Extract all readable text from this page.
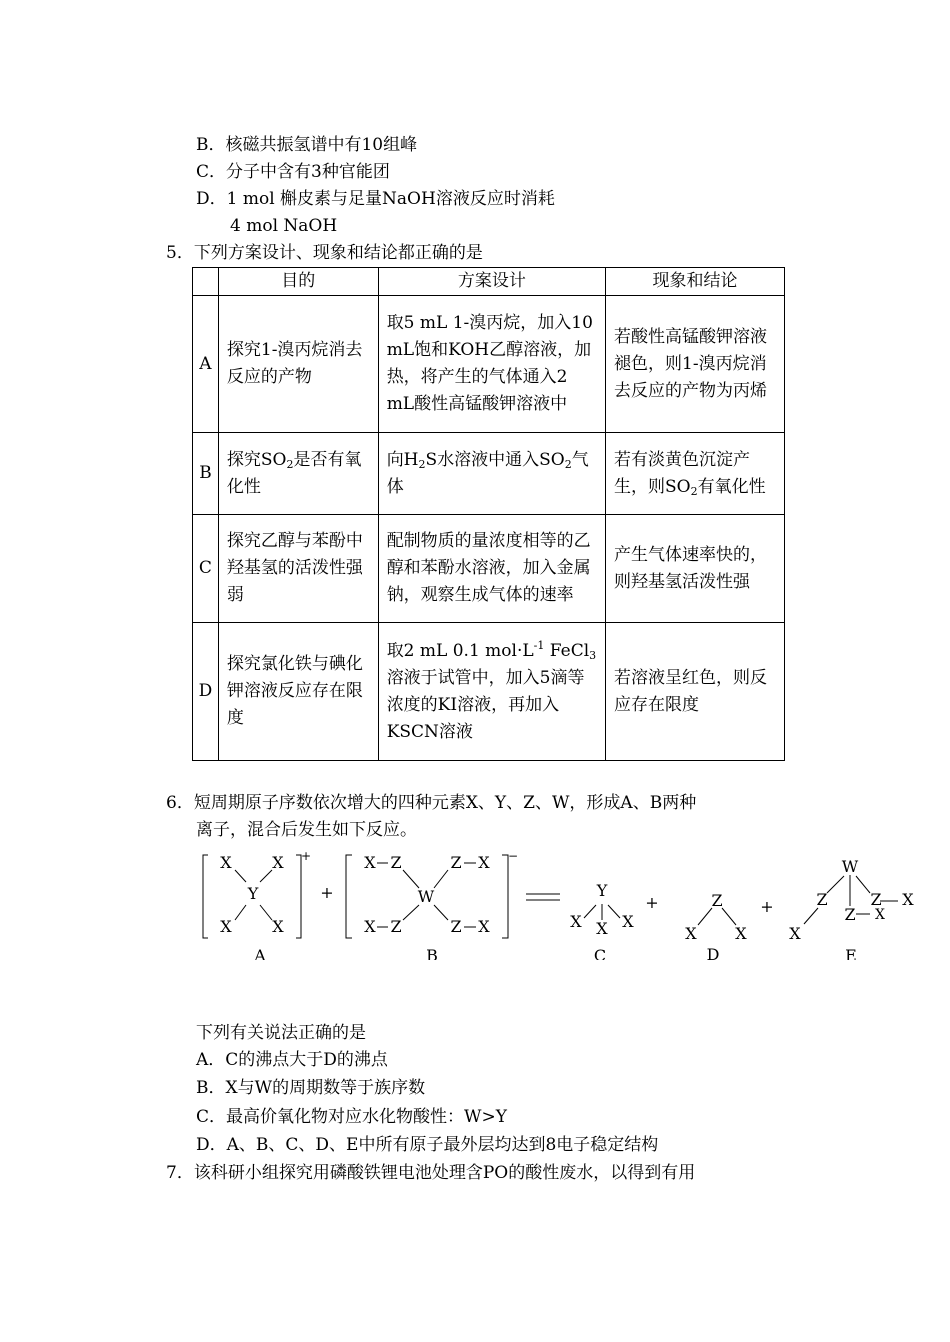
B．核磁共振氢谱中有10组峰
C．分子中含有3种官能团
D．1 mol 槲皮素与足量NaOH溶液反应时消耗
4 mol NaOH
5．下列方案设计、现象和结论都正确的是
	目的	方案设计	现象和结论
A	探究1-溴丙烷消去反应的产物	取5 mL 1-溴丙烷，加入10 mL饱和KOH乙醇溶液，加热，将产生的气体通入2 mL酸性高锰酸钾溶液中	若酸性高锰酸钾溶液褪色，则1-溴丙烷消去反应的产物为丙烯
B	探究$SO_2$是否有氧化性	向$H_2S$水溶液中通入$SO_2$气体	若有淡黄色沉淀产生，则$SO_2$有氧化性
C	探究乙醇与苯酚中羟基氢的活泼性强弱	配制物质的量浓度相等的乙醇和苯酚水溶液，加入金属钠，观察生成气体的速率	产生气体速率快的，则羟基氢活泼性强
D	探究氯化铁与碘化钾溶液反应存在限度	取2 mL 0.1 $mol\cdot L^{-1}$ FeCl$_3$溶液于试管中，加入5滴等浓度的KI溶液，再加入KSCN溶液	若溶液呈红色，则反应存在限度
6．短周期原子序数依次增大的四种元素X、Y、Z、W，形成A、B两种
离子，混合后发生如下反应。
X	X
Y
X	X
+
+
X Z	Z X
W
X Z	Z X
−
Y
X X X
+	Z
X X
+
W
Z	Z X
Z X
X
A	B	C	D	E
下列有关说法正确的是
A．C的沸点大于D的沸点
B．X与W的周期数等于族序数
C．最高价氧化物对应水化物酸性：W>Y
D．A、B、C、D、E中所有原子最外层均达到8电子稳定结构
7．该科研小组探究用磷酸铁锂电池处理含PO的酸性废水，以得到有用
